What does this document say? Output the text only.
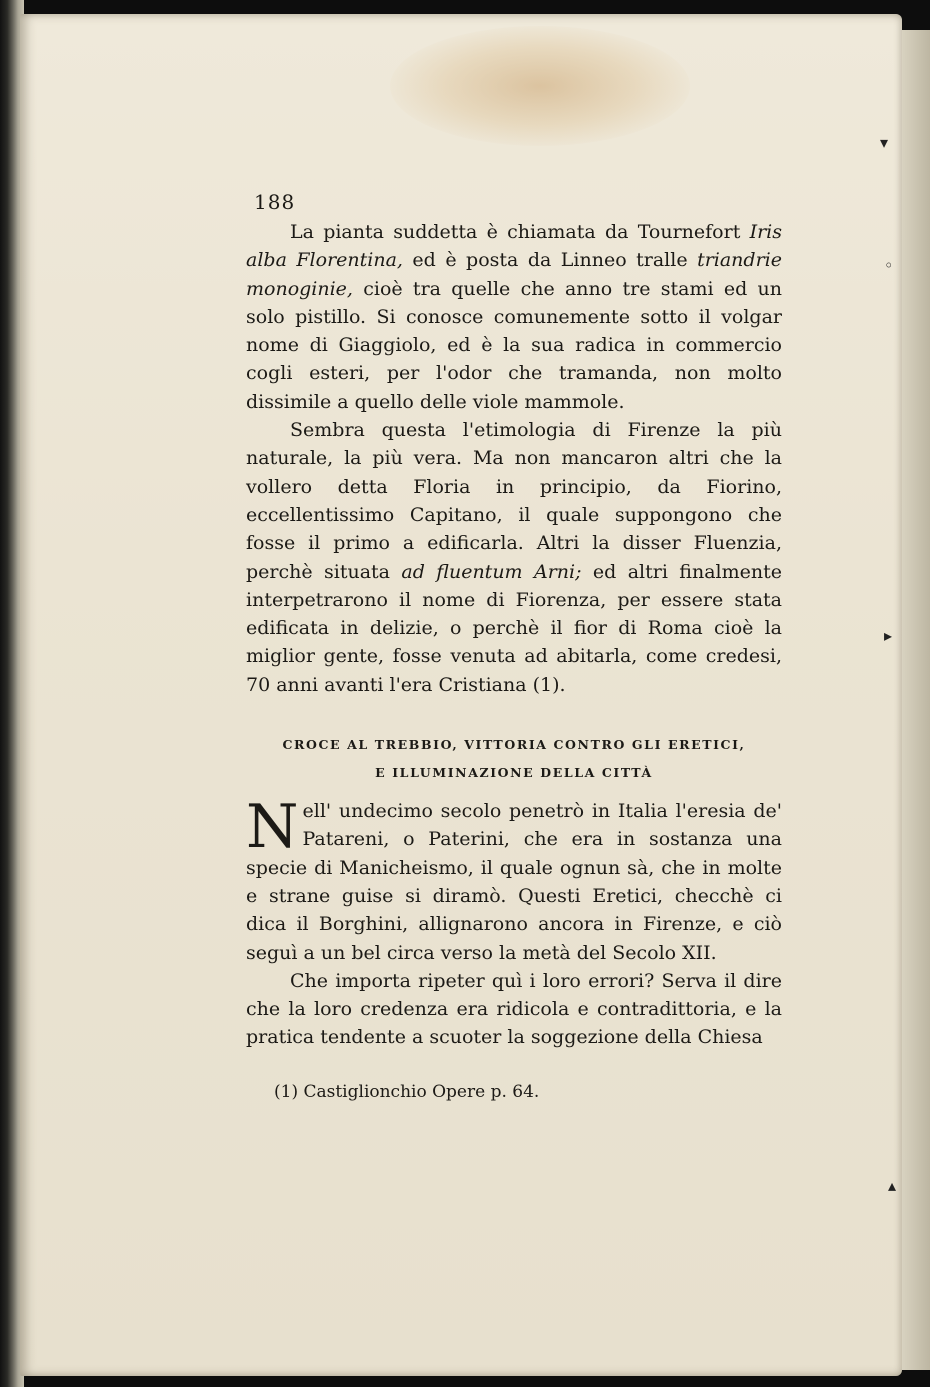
▾
◦
▸
▴
188

La pianta suddetta è chiamata da Tournefort Iris alba Florentina, ed è posta da Linneo tralle triandrie monoginie, cioè tra quelle che anno tre stami ed un solo pistillo. Si conosce comunemente sotto il volgar nome di Giaggiolo, ed è la sua radica in commercio cogli esteri, per l'odor che tramanda, non molto dissimile a quello delle viole mammole.

Sembra questa l'etimologia di Firenze la più naturale, la più vera. Ma non mancaron altri che la vollero detta Floria in principio, da Fiorino, eccellentissimo Capitano, il quale suppongono che fosse il primo a edificarla. Altri la disser Fluenzia, perchè situata ad fluentum Arni; ed altri finalmente interpetrarono il nome di Fiorenza, per essere stata edificata in delizie, o perchè il fior di Roma cioè la miglior gente, fosse venuta ad abitarla, come credesi, 70 anni avanti l'era Cristiana (1).

CROCE AL TREBBIO, VITTORIA CONTRO GLI ERETICI,
E ILLUMINAZIONE DELLA CITTÀ

Nell' undecimo secolo penetrò in Italia l'eresia de' Patareni, o Paterini, che era in sostanza una specie di Manicheismo, il quale ognun sà, che in molte e strane guise si diramò. Questi Eretici, checchè ci dica il Borghini, allignarono ancora in Firenze, e ciò seguì a un bel circa verso la metà del Secolo XII.

Che importa ripeter quì i loro errori? Serva il dire che la loro credenza era ridicola e contradittoria, e la pratica tendente a scuoter la soggezione della Chiesa

(1) Castiglionchio Opere p. 64.
